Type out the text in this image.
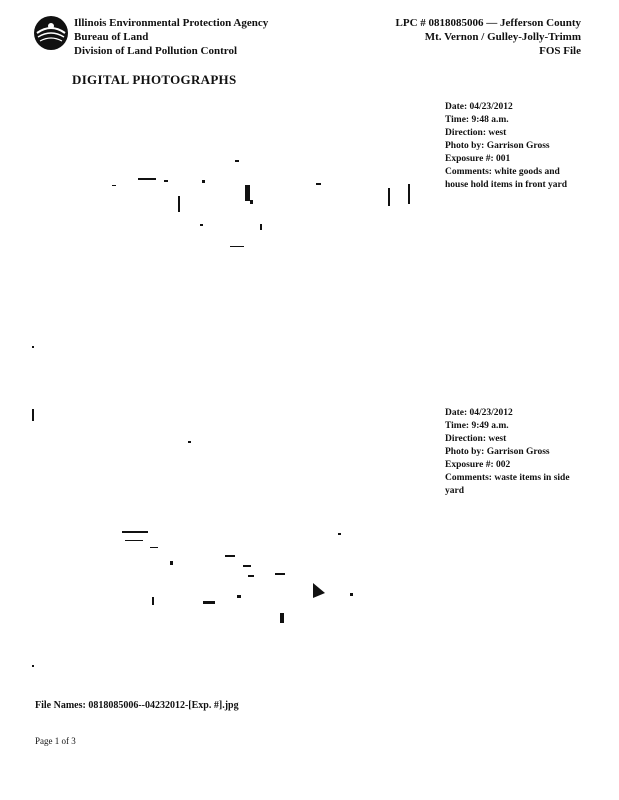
Illinois Environmental Protection Agency
Bureau of Land
Division of Land Pollution Control
LPC # 0818085006 — Jefferson County
Mt. Vernon / Gulley-Jolly-Trimm
FOS File
DIGITAL PHOTOGRAPHS
Date: 04/23/2012
Time: 9:48 a.m.
Direction: west
Photo by: Garrison Gross
Exposure #: 001
Comments: white goods and house hold items in front yard
Date: 04/23/2012
Time: 9:49 a.m.
Direction: west
Photo by: Garrison Gross
Exposure #: 002
Comments: waste items in side yard
File Names: 0818085006--04232012-[Exp. #].jpg
Page 1 of 3
